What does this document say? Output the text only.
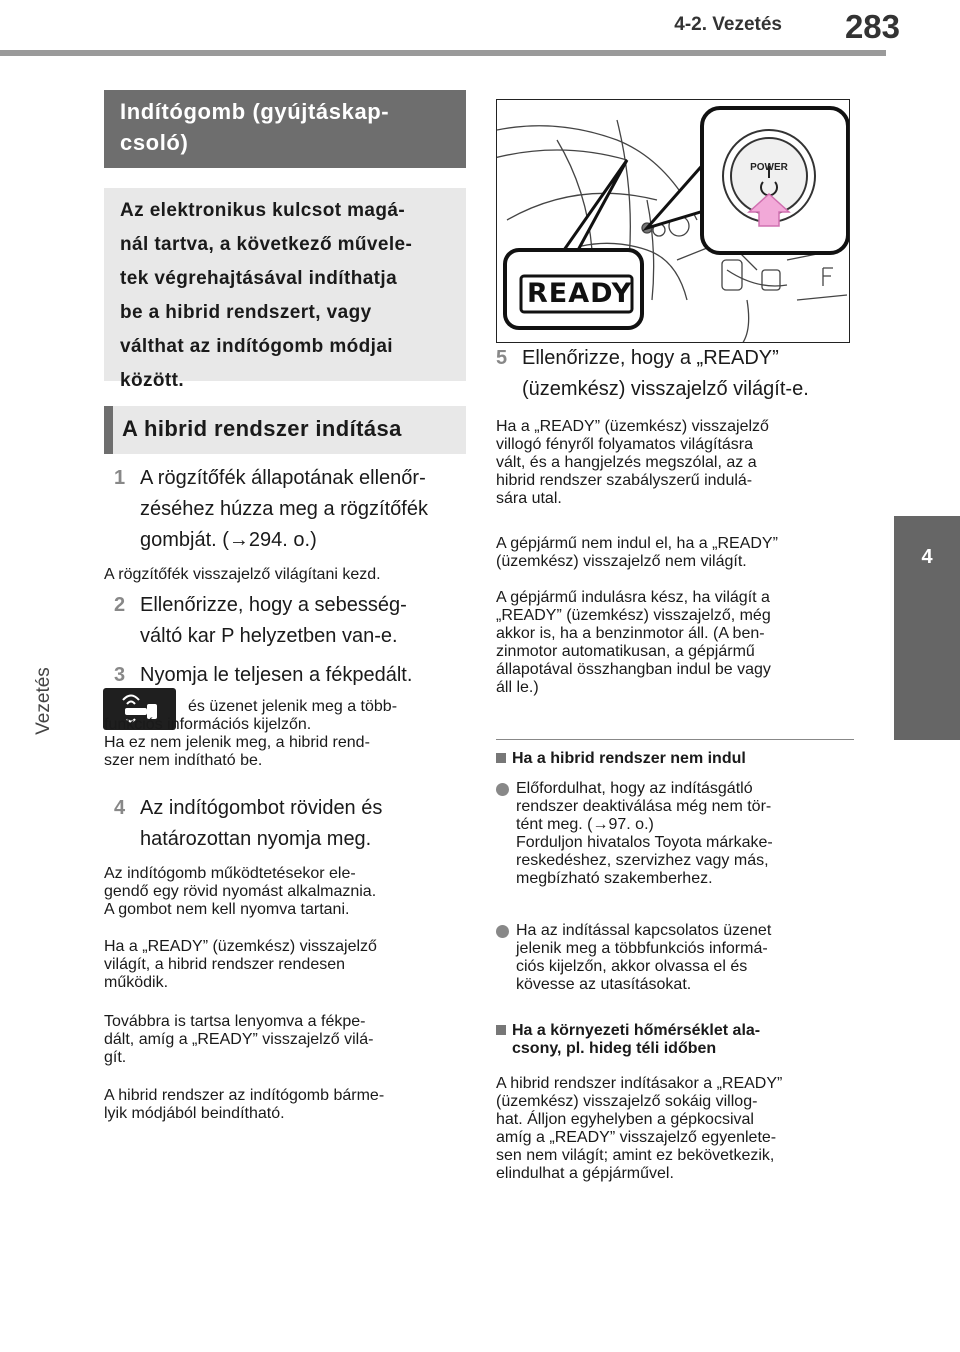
4-2. Vezetés 283
4
Vezetés
Indítógomb (gyújtáskap-
csoló)
Az elektronikus kulcsot magá-
nál tartva, a következő művele-
tek végrehajtásával indíthatja
be a hibrid rendszert, vagy
válthat az indítógomb módjai
között.
A hibrid rendszer indítása
1 A rögzítőfék állapotának ellenőr-
zéséhez húzza meg a rögzítőfék
gombját. (→294. o.)
A rögzítőfék visszajelző világítani kezd.
2 Ellenőrizze, hogy a sebesség-
váltó kar P helyzetben van-e.
3 Nyomja le teljesen a fékpedált.
és üzenet jelenik meg a több-
funkciós információs kijelzőn.
Ha ez nem jelenik meg, a hibrid rend-
szer nem indítható be.
4 Az indítógombot röviden és
határozottan nyomja meg.
Az indítógomb működtetésekor ele-
gendő egy rövid nyomást alkalmaznia.
A gombot nem kell nyomva tartani.
Ha a „READY” (üzemkész) visszajelző
világít, a hibrid rendszer rendesen
működik.
Továbbra is tartsa lenyomva a fékpe-
dált, amíg a „READY” visszajelző vilá-
gít.
A hibrid rendszer az indítógomb bárme-
lyik módjából beindítható.
READY
POWER
5 Ellenőrizze, hogy a „READY”
(üzemkész) visszajelző világít-e.
Ha a „READY” (üzemkész) visszajelző
villogó fényről folyamatos világításra
vált, és a hangjelzés megszólal, az a
hibrid rendszer szabályszerű indulá-
sára utal.
A gépjármű nem indul el, ha a „READY”
(üzemkész) visszajelző nem világít.
A gépjármű indulásra kész, ha világít a
„READY” (üzemkész) visszajelző, még
akkor is, ha a benzinmotor áll. (A ben-
zinmotor automatikusan, a gépjármű
állapotával összhangban indul be vagy
áll le.)
Ha a hibrid rendszer nem indul
Előfordulhat, hogy az indításgátló
rendszer deaktiválása még nem tör-
tént meg. (→97. o.)
Forduljon hivatalos Toyota márkake-
reskedéshez, szervizhez vagy más,
megbízható szakemberhez.
Ha az indítással kapcsolatos üzenet
jelenik meg a többfunkciós informá-
ciós kijelzőn, akkor olvassa el és
kövesse az utasításokat.
Ha a környezeti hőmérséklet ala-
csony, pl. hideg téli időben
A hibrid rendszer indításakor a „READY”
(üzemkész) visszajelző sokáig villog-
hat. Álljon egyhelyben a gépkocsival
amíg a „READY” visszajelző egyenlete-
sen nem világít; amint ez bekövetkezik,
elindulhat a gépjárművel.
